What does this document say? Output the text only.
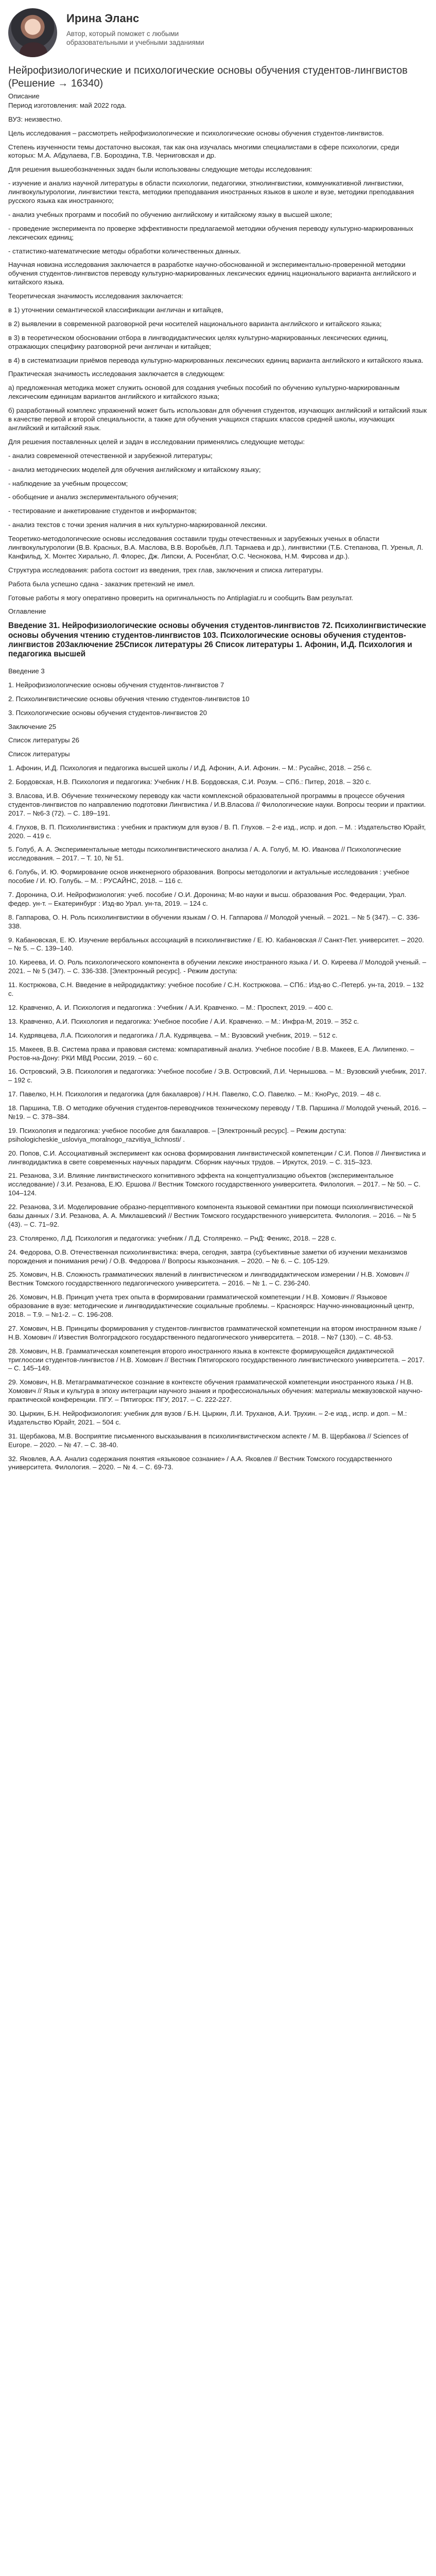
Ирина Эланс
Автор, который поможет с любыми образовательными и учебными заданиями
Нейрофизиологические и психологические основы обучения студентов-лингвистов (Решение → 16340)

Описание

Период изготовления: май 2022 года.

ВУЗ: неизвестно.

Цель исследования – рассмотреть нейрофизиологические и психологические основы обучения студентов-лингвистов.

Степень изученности темы достаточно высокая, так как она изучалась многими специалистами в сфере психологии, среди которых: М.А. Абдулаева, Г.В. Бороздина, Т.В. Черниговская и др.

Для решения вышеобозначенных задач были использованы следующие методы исследования:

- изучение и анализ научной литературы в области психологии, педагогики, этнолингвистики, коммуникативной лингвистики, лингвокультурологии, лингвистики текста, методики преподавания иностранных языков в школе и вузе, методики преподавания русского языка как иностранного;

- анализ учебных программ и пособий по обучению английскому и китайскому языку в высшей школе;

- проведение эксперимента по проверке эффективности предлагаемой методики обучения переводу культурно-маркированных лексических единиц;

- статистико-математические методы обработки количественных данных.

Научная новизна исследования заключается в разработке научно-обоснованной и экспериментально-проверенной методики обучения студентов-лингвистов переводу культурно-маркированных лексических единиц национального варианта английского и китайского языка.

Теоретическая значимость исследования заключается:

в 1) уточнении семантической классификации англичан и китайцев,

в 2) выявлении в современной разговорной речи носителей национального варианта английского и китайского языка;

в 3) в теоретическом обосновании отбора в лингводидактических целях культурно-маркированных лексических единиц, отражающих специфику разговорной речи англичан и китайцев;

в 4) в систематизации приёмов перевода культурно-маркированных лексических единиц варианта английского и китайского языка.

Практическая значимость исследования заключается в следующем:

а) предложенная методика может служить основой для создания учебных пособий по обучению культурно-маркированным лексическим единицам вариантов английского и китайского языка;

б) разработанный комплекс упражнений может быть использован для обучения студентов, изучающих английский и китайский язык в качестве первой и второй специальности, а также для обучения учащихся старших классов средней школы, изучающих английский и китайский язык.

Для решения поставленных целей и задач в исследовании применялись следующие методы:

- анализ современной отечественной и зарубежной литературы;

- анализ методических моделей для обучения английскому и китайскому языку;

- наблюдение за учебным процессом;

- обобщение и анализ экспериментального обучения;

- тестирование и анкетирование студентов и информантов;

- анализ текстов с точки зрения наличия в них культурно-маркированной лексики.

Теоретико-методологические основы исследования составили труды отечественных и зарубежных ученых в области лингвокультурологии (В.В. Красных, В.А. Маслова, В.В. Воробьёв, Л.П. Тарнаева и др.), лингвистики (Т.Б. Степанова, П. Уренья, Л. Канфильд, Х. Монтес Хирально, Л. Флорес, Дж. Липски, А. Росенблат, О.С. Чесноковa, Н.М. Фирсова и др.).

Структура исследования: работа состоит из введения, трех глав, заключения и списка литературы.

Работа была успешно сдана - заказчик претензий не имел.

Готовые работы я могу оперативно проверить на оригинальность по Antiplagiat.ru и сообщить Вам результат.

Оглавление

Введение 31. Нейрофизиологические основы обучения студентов-лингвистов 72. Психолингвистические основы обучения чтению студентов-лингвистов 103. Психологические основы обучения студентов-лингвистов 20Заключение 25Список литературы 26 Список литературы 1. Афонин, И.Д. Психология и педагогика высшей

Введение 3

1. Нейрофизиологические основы обучения студентов-лингвистов 7

2. Психолингвистические основы обучения чтению студентов-лингвистов 10

3. Психологические основы обучения студентов-лингвистов 20

Заключение 25

Список литературы 26

Список литературы

1. Афонин, И.Д. Психология и педагогика высшей школы / И.Д. Афонин, А.И. Афонин. – М.: Русайнс, 2018. – 256 с.

2. Бордовская, Н.В. Психология и педагогика: Учебник / Н.В. Бордовская, С.И. Розум. – СПб.: Питер, 2018. – 320 с.

3. Власова, И.В. Обучение техническому переводу как части комплексной образовательной программы в процессе обучения студентов-лингвистов по направлению подготовки Лингвистика / И.В.Власова // Филологические науки. Вопросы теории и практики. 2017. – №6-3 (72). – С. 189–191.

4. Глухов, В. П. Психолингвистика : учебник и практикум для вузов / В. П. Глухов. – 2-е изд., испр. и доп. – М. : Издательство Юрайт, 2020. – 419 с.

5. Голуб, А. А. Экспериментальные методы психолингвистического анализа / А. А. Голуб, М. Ю. Иванова // Психологические исследования. – 2017. – Т. 10, № 51.

6. Голубь, И. Ю. Формирование основ инженерного образования. Вопросы методологии и актуальные исследования : учебное пособие / И. Ю. Голубь. – М. : РУСАЙНС, 2018. – 116 с.

7. Доронина, О.И. Нейрофизиология: учеб. пособие / О.И. Доронина; М-во науки и высш. образования Рос. Федерации, Урал. федер. ун-т. – Екатеринбург : Изд-во Урал. ун-та, 2019. – 124 с.

8. Гаппарова, О. Н. Роль психолингвистики в обучении языкам / О. Н. Гаппарова // Молодой ученый. – 2021. – № 5 (347). – С. 336-338.

9. Кабановская, Е. Ю. Изучение вербальных ассоциаций в психолингвистике / Е. Ю. Кабановская // Санкт-Пет. университет. – 2020. – № 5. – С. 139–140.

10. Киреева, И. О. Роль психологического компонента в обучении лексике иностранного языка / И. О. Киреева // Молодой ученый. – 2021. – № 5 (347). – С. 336-338. [Электронный ресурс]. - Режим доступа:

11. Кострюкова, С.Н. Введение в нейродидактику: учебное пособие / С.Н. Кострюкова. – СПб.: Изд-во С.-Петерб. ун-та, 2019. – 132 с.

12. Кравченко, А. И. Психология и педагогика : Учебник / А.И. Кравченко. – М.: Проспект, 2019. – 400 с.

13. Кравченко, А.И. Психология и педагогика: Учебное пособие / А.И. Кравченко. – М.: Инфра-М, 2019. – 352 с.

14. Кудрявцева, Л.А. Психология и педагогика / Л.А. Кудрявцева. – М.: Вузовский учебник, 2019. – 512 с.

15. Макеев, В.В. Система права и правовая система: компаративный анализ. Учебное пособие / В.В. Макеев, Е.А. Лилипенко. – Ростов-на-Дону: РКИ МВД России, 2019. – 60 с.

16. Островский, Э.В. Психология и педагогика: Учебное пособие / Э.В. Островский, Л.И. Чернышова. – М.: Вузовский учебник, 2017. – 192 с.

17. Павелко, Н.Н. Психология и педагогика (для бакалавров) / Н.Н. Павелко, С.О. Павелко. – М.: КноРус, 2019. – 48 с.

18. Паршина, Т.В. О методике обучения студентов-переводчиков техническому переводу / Т.В. Паршина // Молодой ученый, 2016. – №19. – С. 378–384.

19. Психология и педагогика: учебное пособие для бакалавров. – [Электронный ресурс]. – Режим доступа: psihologicheskie_usloviya_moralnogo_razvitiya_lichnosti/ .

20. Попов, С.И. Ассоциативный эксперимент как основа формирования лингвистической компетенции / С.И. Попов // Лингвистика и лингводидактика в свете современных научных парадигм. Сборник научных трудов. – Иркутск, 2019. – С. 315–323.

21. Резанова, З.И. Влияние лингвистического когнитивного эффекта на концептуализацию объектов (экспериментальное исследование) / З.И. Резанова, Е.Ю. Ершова // Вестник Томского государственного университета. Филология. – 2017. – № 50. – С. 104–124.

22. Резанова, З.И. Моделирование образно-перцептивного компонента языковой семантики при помощи психолингвистической базы данных / З.И. Резанова, А. А. Миклашевский // Вестник Томского государственного университета. Филология. – 2016. – № 5 (43). – С. 71–92.

23. Столяренко, Л.Д. Психология и педагогика: учебник / Л.Д. Столяренко. – РнД: Феникс, 2018. – 228 с.

24. Федорова, О.В. Отечественная психолингвистика: вчера, сегодня, завтра (субъективные заметки об изучении механизмов порождения и понимания речи) / О.В. Федорова // Вопросы языкознания. – 2020. – № 6. – С. 105-129.

25. Хомович, Н.В. Сложность грамматических явлений в лингвистическом и лингводидактическом измерении / Н.В. Хомович // Вестник Томского государственного педагогического университета. – 2016. – № 1. – С. 236-240.

26. Хомович, Н.В. Принцип учета трех опыта в формировании грамматической компетенции / Н.В. Хомович // Языковое образование в вузе: методические и лингводидактические социальные проблемы. – Красноярск: Научно-инновационный центр, 2018. – Т.9. – №1-2. – С. 196-208.

27. Хомович, Н.В. Принципы формирования у студентов-лингвистов грамматической компетенции на втором иностранном языке / Н.В. Хомович // Известия Волгоградского государственного педагогического университета. – 2018. – №7 (130). – С. 48-53.

28. Хомович, Н.В. Грамматическая компетенция второго иностранного языка в контексте формирующейся дидактической триглоссии студентов-лингвистов / Н.В. Хомович // Вестник Пятигорского государственного лингвистического университета. – 2017. – С. 145–149.

29. Хомович, Н.В. Метаграмматическое сознание в контексте обучения грамматической компетенции иностранного языка / Н.В. Хомович // Язык и культура в эпоху интеграции научного знания и профессиональных обучения: материалы межвузовской научно-практической конференции. ПГУ. – Пятигорск: ПГУ, 2017. – С. 222-227.

30. Цыркин, Б.Н. Нейрофизиология: учебник для вузов / Б.Н. Цыркин, Л.И. Труханов, А.И. Трухин. – 2-е изд., испр. и доп. – М.: Издательство Юрайт, 2021. – 504 с.

31. Щербакова, М.В. Восприятие письменного высказывания в психолингвистическом аспекте / М. В. Щербакова // Sciences of Europe. – 2020. – № 47. – С. 38-40.

32. Яковлев, А.А. Анализ содержания понятия «языковое сознание» / А.А. Яковлев // Вестник Томского государственного университета. Филология. – 2020. – № 4. – С. 69-73.
